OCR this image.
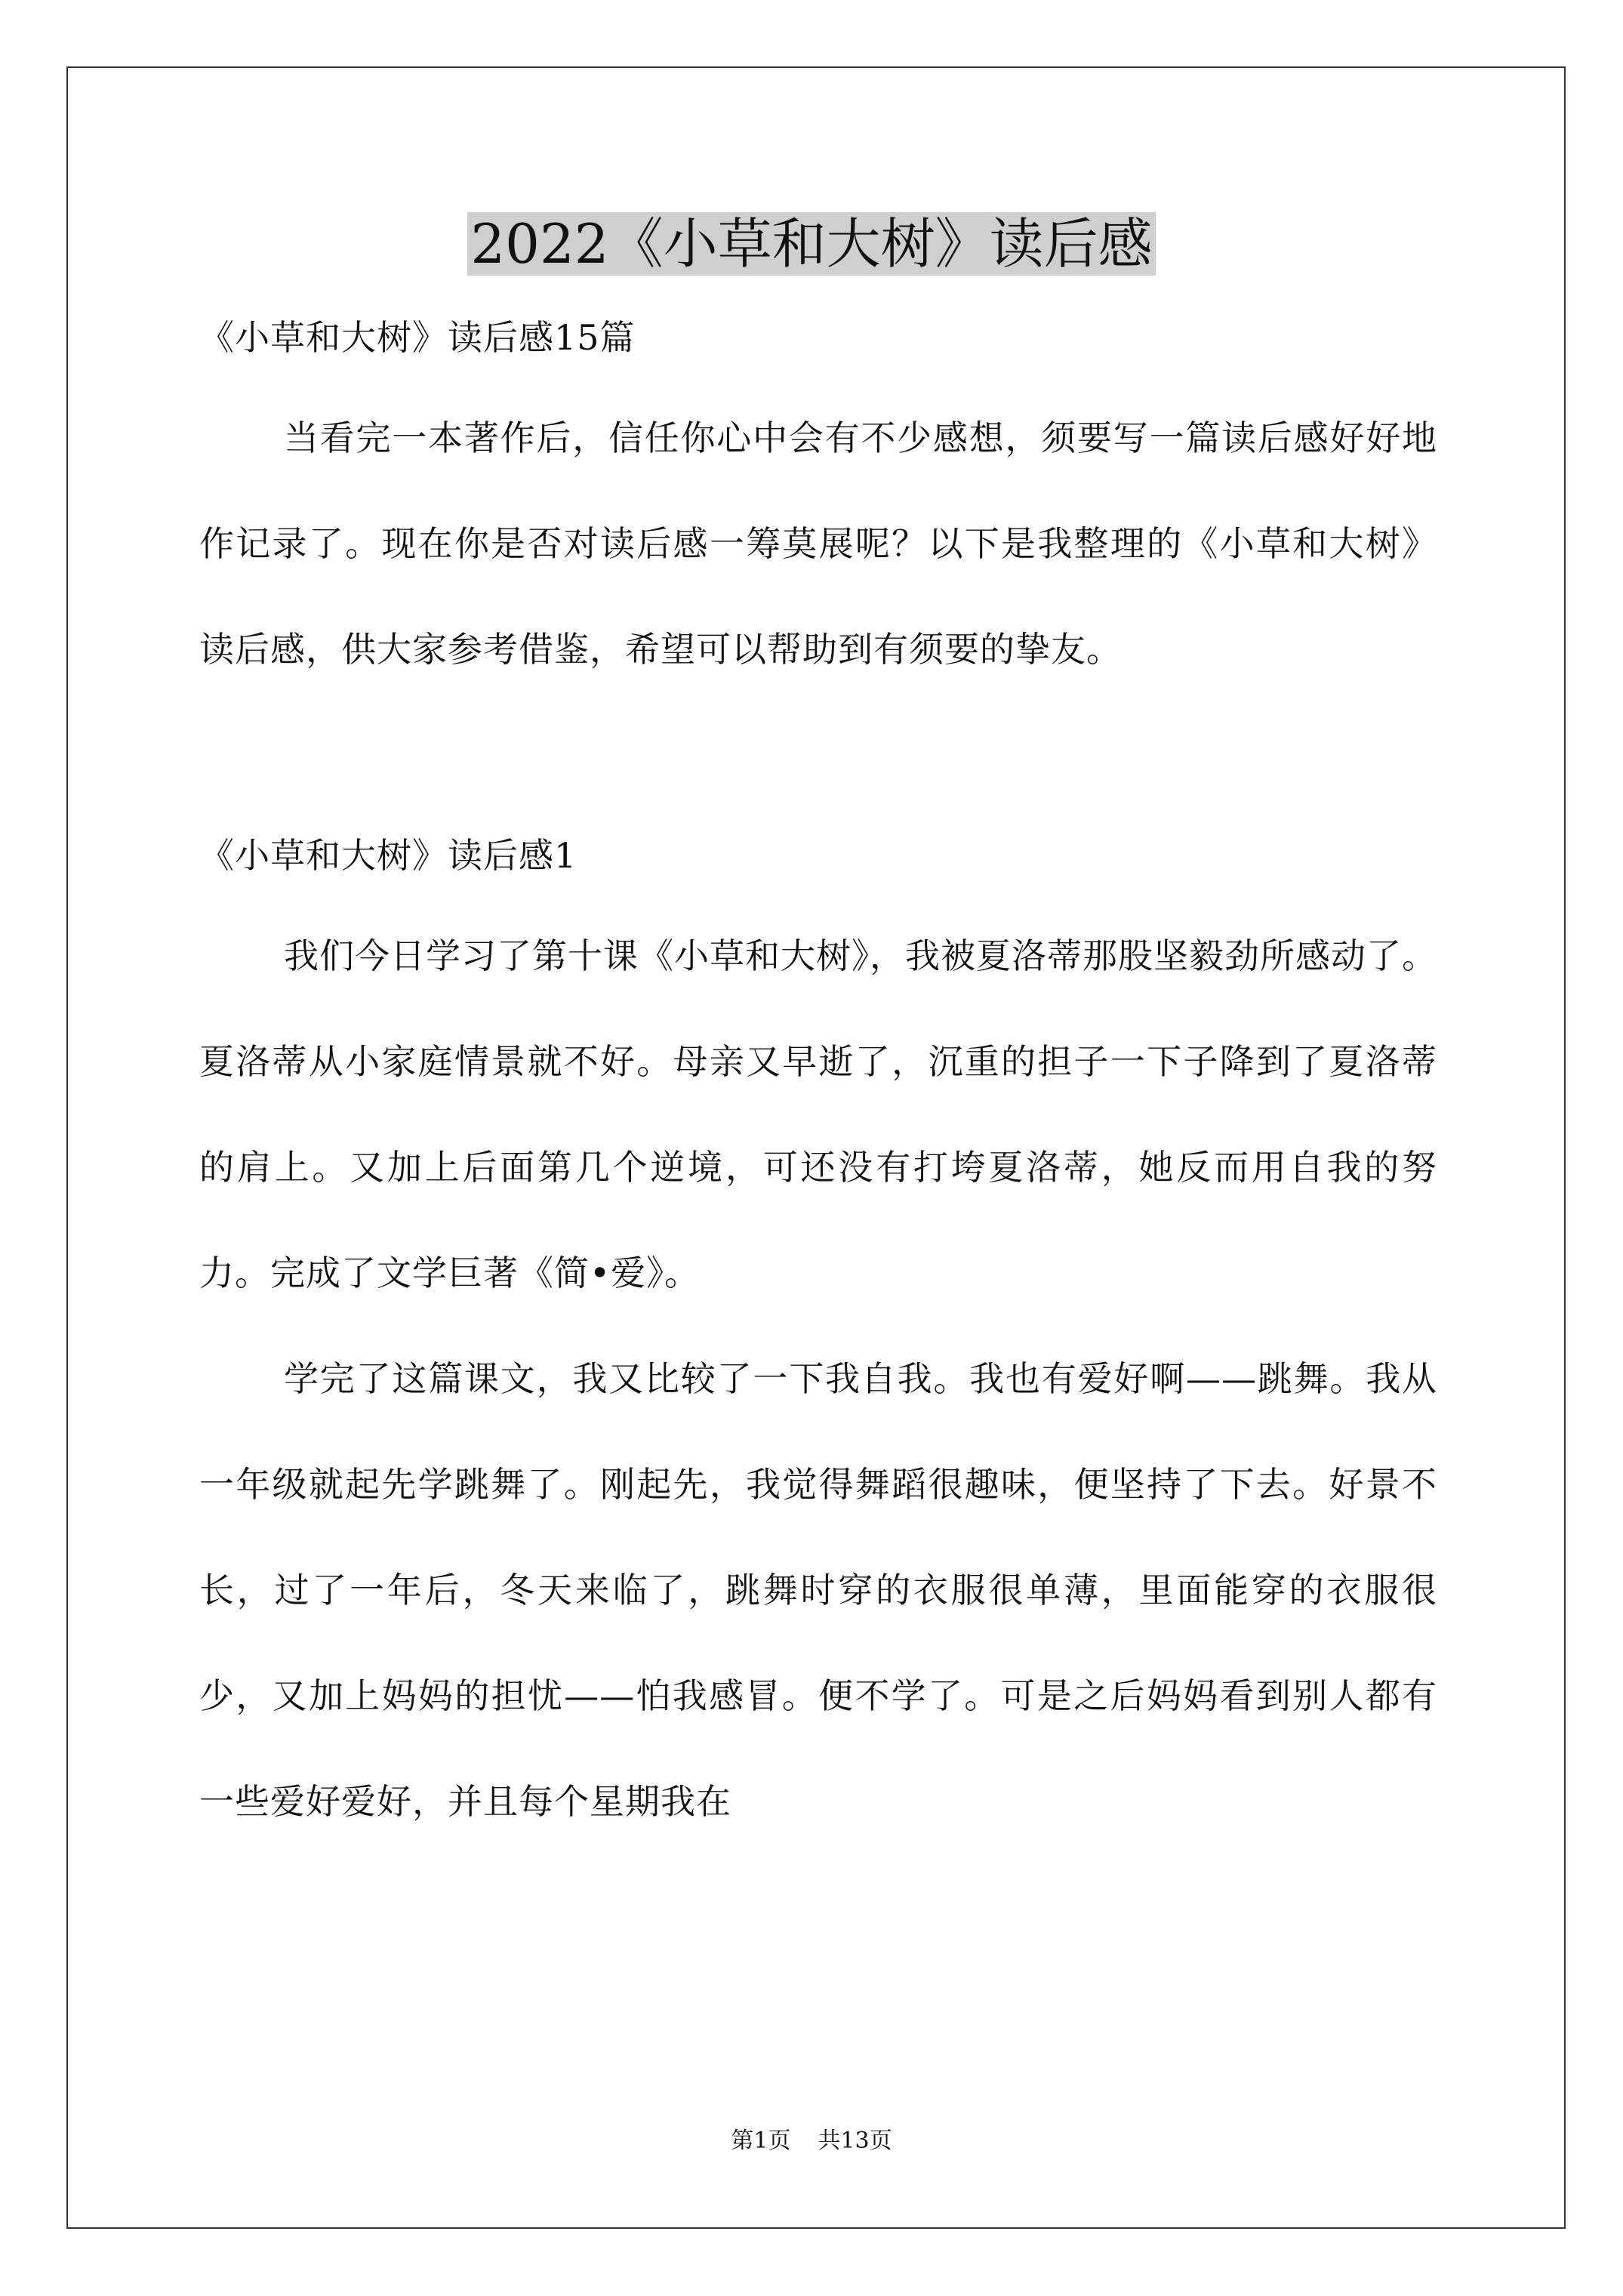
2022《小草和大树》读后感

《小草和大树》读后感15篇

当看完一本著作后，信任你心中会有不少感想，须要写一篇读后感好好地作记录了。现在你是否对读后感一筹莫展呢？以下是我整理的《小草和大树》读后感，供大家参考借鉴，希望可以帮助到有须要的挚友。

《小草和大树》读后感1

我们今日学习了第十课《小草和大树》，我被夏洛蒂那股坚毅劲所感动了。夏洛蒂从小家庭情景就不好。母亲又早逝了，沉重的担子一下子降到了夏洛蒂的肩上。又加上后面第几个逆境，可还没有打垮夏洛蒂，她反而用自我的努力。完成了文学巨著《简•爱》。

学完了这篇课文，我又比较了一下我自我。我也有爱好啊——跳舞。我从一年级就起先学跳舞了。刚起先，我觉得舞蹈很趣味，便坚持了下去。好景不长，过了一年后，冬天来临了，跳舞时穿的衣服很单薄，里面能穿的衣服很少，又加上妈妈的担忧——怕我感冒。便不学了。可是之后妈妈看到别人都有一些爱好爱好，并且每个星期我在

第1页 共13页
